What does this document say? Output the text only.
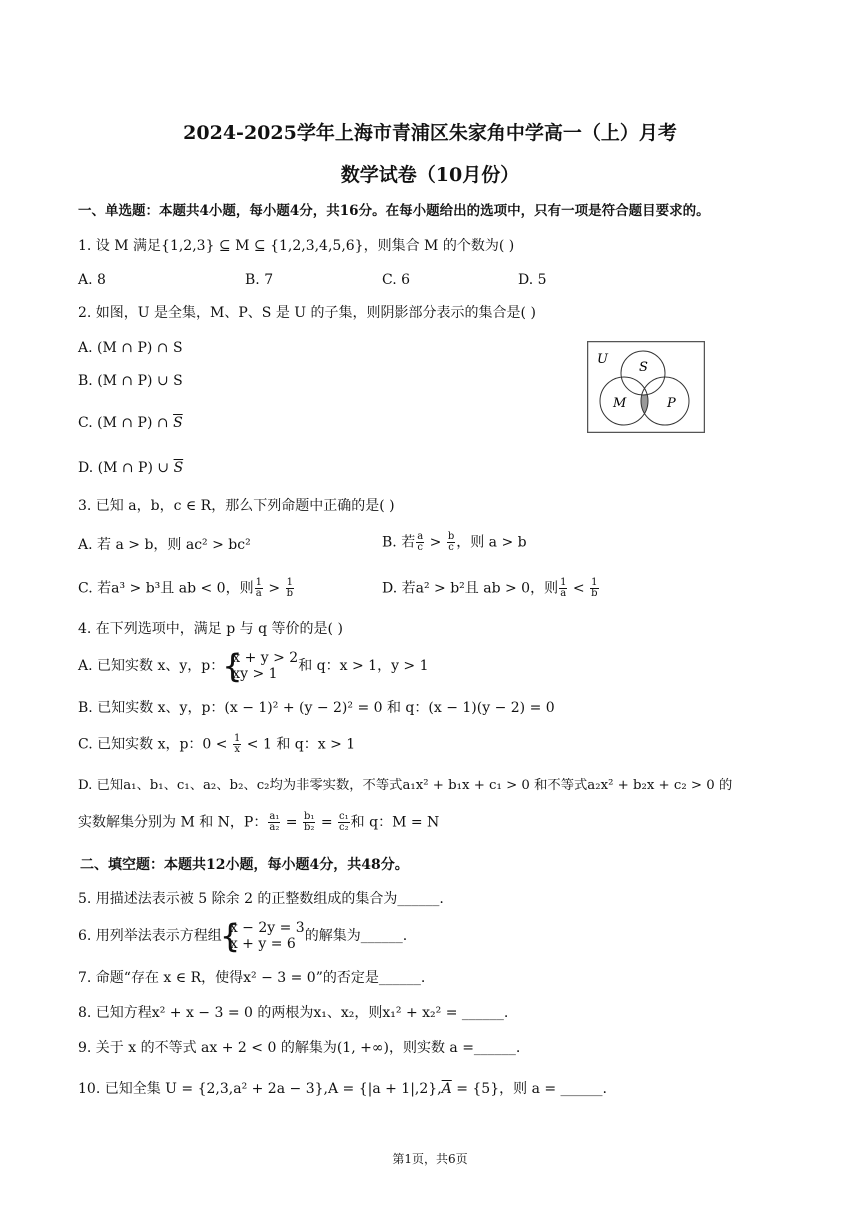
2024-2025学年上海市青浦区朱家角中学高一（上）月考
数学试卷（10月份）
一、单选题：本题共4小题，每小题4分，共16分。在每小题给出的选项中，只有一项是符合题目要求的。
1. 设 M 满足{1,2,3} ⊆ M ⊆ {1,2,3,4,5,6}，则集合 M 的个数为( )
A. 8	B. 7	C. 6	D. 5
2. 如图，U 是全集，M、P、S 是 U 的子集，则阴影部分表示的集合是( )
A. (M ∩ P) ∩ S
B. (M ∩ P) ∪ S
C. (M ∩ P) ∩ $\overline{S}$
D. (M ∩ P) ∪ $\overline{S}$
U
S
M	P
3. 已知 a，b，c ∈ R，那么下列命题中正确的是( )
A. 若 a > b，则 ac² > bc²	B. 若 $\frac{a}{c} > \frac{b}{c}$ ，则 a > b
C. 若a³ > b³且 ab < 0，则 $\frac{1}{a} > \frac{1}{b}$	D. 若a² > b²且 ab > 0，则 $\frac{1}{a} < \frac{1}{b}$
4. 在下列选项中，满足 p 与 q 等价的是( )
A. 已知实数 x、y，p： { x + y > 2
xy > 1	和 q：x > 1，y > 1
B. 已知实数 x、y，p：(x − 1)² + (y − 2)² = 0 和 q：(x − 1)(y − 2) = 0
C. 已知实数 x，p：$0 < \frac{1}{x} < 1$ 和 q：x > 1
D. 已知a₁、b₁、c₁、a₂、b₂、c₂均为非零实数，不等式a₁x² + b₁x + c₁ > 0 和不等式a₂x² + b₂x + c₂ > 0 的
实数解集分别为 M 和 N，P： $\frac{\text{a₁}}{\text{a₂}} = \frac{\text{b₁}}{\text{b₂}} = \frac{\text{c₁}}{\text{c₂}}$ 和 q：M = N
二、填空题：本题共12小题，每小题4分，共48分。
5. 用描述法表示被 5 除余 2 的正整数组成的集合为______.
6. 用列举法表示方程组 { x − 2y = 3
x + y = 6 的解集为______.
7. 命题“存在 x ∈ R，使得x² − 3 = 0”的否定是______.
8. 已知方程x² + x − 3 = 0 的两根为x₁、x₂，则x₁² + x₂² = ______.
9. 关于 x 的不等式 ax + 2 < 0 的解集为(1, +∞)，则实数 a =______.
10. 已知全集 $U = \{2,3,a^2 + 2a - 3\},A = \{|a + 1|,2\},\overline{A} = \{5\}$，则 a = ______.
第1页，共6页
